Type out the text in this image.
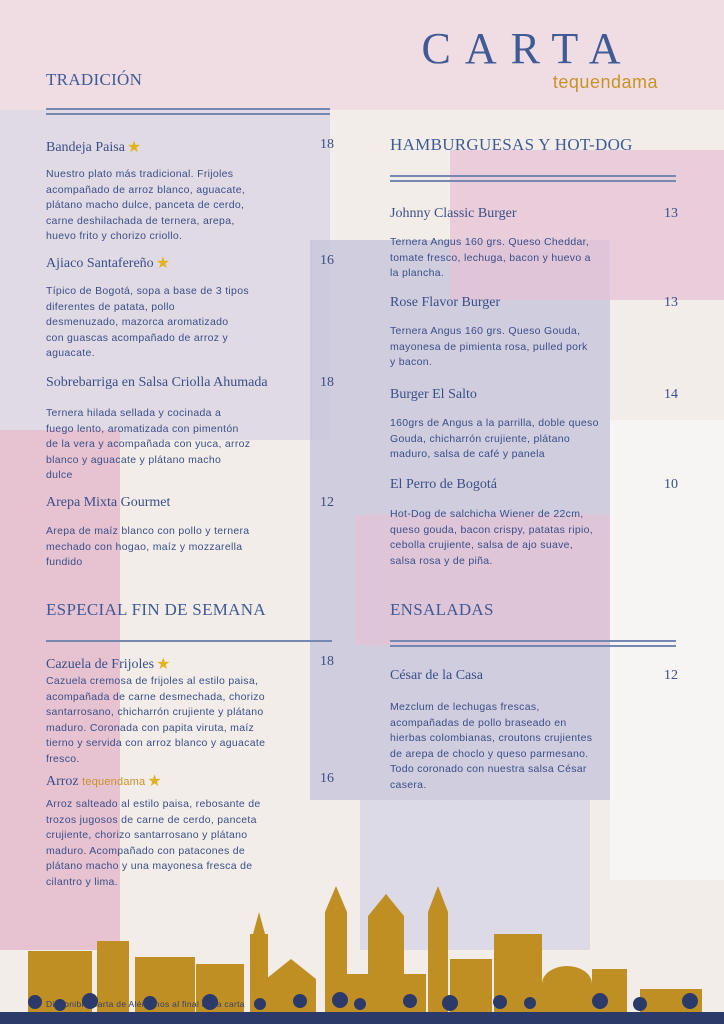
CARTA
tequendama
TRADICIÓN
Bandeja Paisa ★	18
Nuestro plato más tradicional. Frijoles
acompañado de arroz blanco, aguacate,
plátano macho dulce, panceta de cerdo,
carne deshilachada de ternera, arepa,
huevo frito y chorizo criollo.
Ajiaco Santafereño ★	16
Típico de Bogotá, sopa a base de 3 tipos
diferentes de patata, pollo
desmenuzado, mazorca aromatizado
con guascas acompañado de arroz y
aguacate.
Sobrebarriga en Salsa Criolla Ahumada	18
Ternera hilada sellada y cocinada a
fuego lento, aromatizada con pimentón
de la vera y acompañada con yuca, arroz
blanco y aguacate y plátano macho
dulce
Arepa Mixta Gourmet	12
Arepa de maíz blanco con pollo y ternera
mechado con hogao, maíz y mozzarella
fundido
ESPECIAL FIN DE SEMANA
Cazuela de Frijoles ★	18
Cazuela cremosa de frijoles al estilo paisa,
acompañada de carne desmechada, chorizo
santarrosano, chicharrón crujiente y plátano
maduro. Coronada con papita viruta, maíz
tierno y servida con arroz blanco y aguacate
fresco.
Arroz tequendama ★	16
Arroz salteado al estilo paisa, rebosante de
trozos jugosos de carne de cerdo, panceta
crujiente, chorizo santarrosano y plátano
maduro. Acompañado con patacones de
plátano macho y una mayonesa fresca de
cilantro y lima.
HAMBURGUESAS Y HOT-DOG
Johnny Classic Burger	13
Ternera Angus 160 grs. Queso Cheddar,
tomate fresco, lechuga, bacon y huevo a
la plancha.
Rose Flavor Burger	13
Ternera Angus 160 grs. Queso Gouda,
mayonesa de pimienta rosa, pulled pork
y bacon.
Burger El Salto	14
160grs de Angus a la parrilla, doble queso
Gouda, chicharrón crujiente, plátano
maduro, salsa de café y panela
El Perro de Bogotá	10
Hot-Dog de salchicha Wiener de 22cm,
queso gouda, bacon crispy, patatas ripio,
cebolla crujiente, salsa de ajo suave,
salsa rosa y de piña.
ENSALADAS
César de la Casa	12
Mezclum de lechugas frescas,
acompañadas de pollo braseado en
hierbas colombianas, croutons crujientes
de arepa de choclo y queso parmesano.
Todo coronado con nuestra salsa César
casera.
Disponible Carta de Alérgenos al final de la carta
